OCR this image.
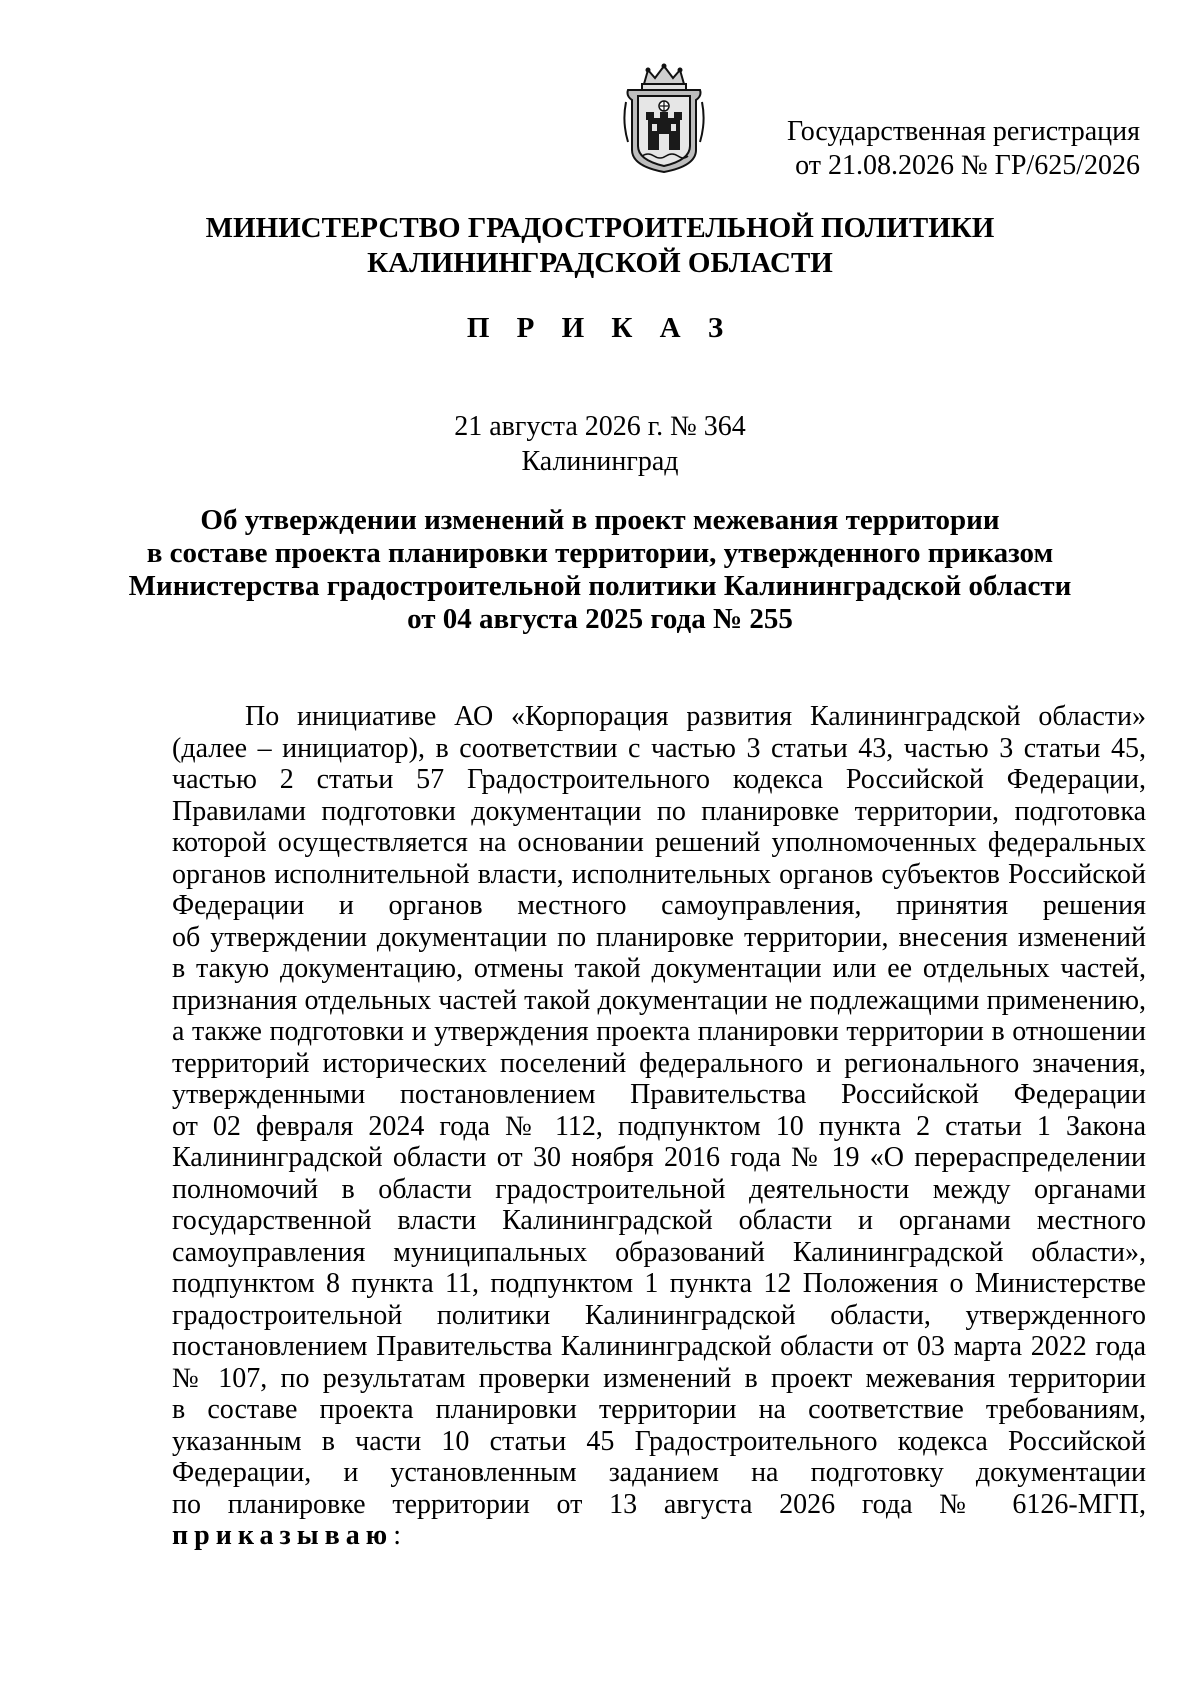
Государственная регистрация
от 21.08.2026 № ГР/625/2026
МИНИСТЕРСТВО ГРАДОСТРОИТЕЛЬНОЙ ПОЛИТИКИ
КАЛИНИНГРАДСКОЙ ОБЛАСТИ
П Р И К А З
21 августа 2026 г. № 364
Калининград
Об утверждении изменений в проект межевания территории
в составе проекта планировки территории, утвержденного приказом
Министерства градостроительной политики Калининградской области
от 04 августа 2025 года № 255
По инициативе АО «Корпорация развития Калининградской области»
(далее – инициатор), в соответствии с частью 3 статьи 43, частью 3 статьи 45,
частью 2 статьи 57 Градостроительного кодекса Российской Федерации,
Правилами подготовки документации по планировке территории, подготовка
которой осуществляется на основании решений уполномоченных федеральных
органов исполнительной власти, исполнительных органов субъектов Российской
Федерации и органов местного самоуправления, принятия решения
об утверждении документации по планировке территории, внесения изменений
в такую документацию, отмены такой документации или ее отдельных частей,
признания отдельных частей такой документации не подлежащими применению,
а также подготовки и утверждения проекта планировки территории в отношении
территорий исторических поселений федерального и регионального значения,
утвержденными постановлением Правительства Российской Федерации
от 02 февраля 2024 года № 112, подпунктом 10 пункта 2 статьи 1 Закона
Калининградской области от 30 ноября 2016 года № 19 «О перераспределении
полномочий в области градостроительной деятельности между органами
государственной власти Калининградской области и органами местного
самоуправления муниципальных образований Калининградской области»,
подпунктом 8 пункта 11, подпунктом 1 пункта 12 Положения о Министерстве
градостроительной политики Калининградской области, утвержденного
постановлением Правительства Калининградской области от 03 марта 2022 года
№ 107, по результатам проверки изменений в проект межевания территории
в составе проекта планировки территории на соответствие требованиям,
указанным в части 10 статьи 45 Градостроительного кодекса Российской
Федерации, и установленным заданием на подготовку документации
по планировке территории от 13 августа 2026 года № 6126-МГП,
приказываю:
